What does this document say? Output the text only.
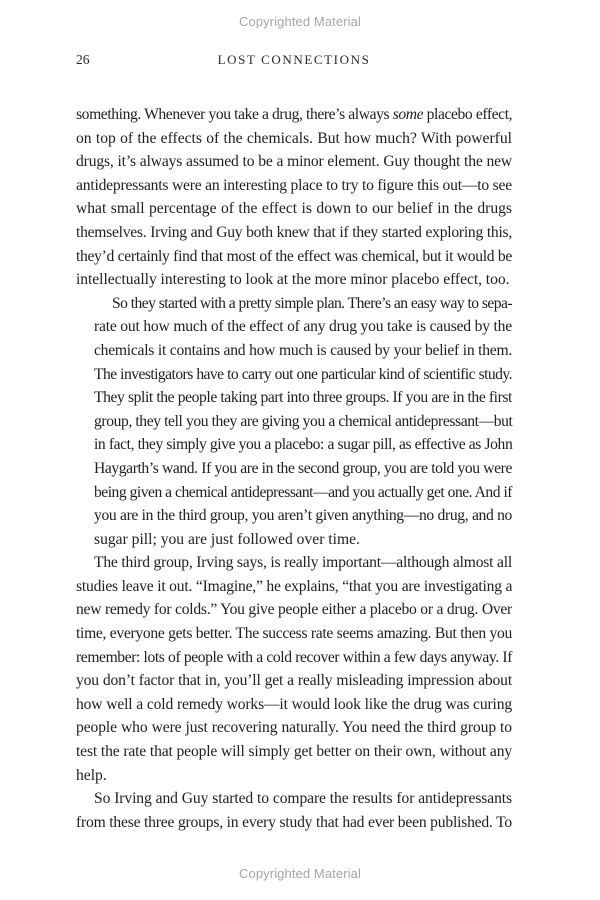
Copyrighted Material
26	LOST CONNECTIONS

something. Whenever you take a drug, there’s always some placebo effect,
on top of the effects of the chemicals. But how much? With powerful
drugs, it’s always assumed to be a minor element. Guy thought the new
antidepressants were an interesting place to try to figure this out—to see
what small percentage of the effect is down to our belief in the drugs
themselves. Irving and Guy both knew that if they started exploring this,
they’d certainly find that most of the effect was chemical, but it would be
intellectually interesting to look at the more minor placebo effect, too.

So they started with a pretty simple plan. There’s an easy way to sepa-
rate out how much of the effect of any drug you take is caused by the
chemicals it contains and how much is caused by your belief in them.
The investigators have to carry out one particular kind of scientific study.
They split the people taking part into three groups. If you are in the first
group, they tell you they are giving you a chemical antidepressant—but
in fact, they simply give you a placebo: a sugar pill, as effective as John
Haygarth’s wand. If you are in the second group, you are told you were
being given a chemical antidepressant—and you actually get one. And if
you are in the third group, you aren’t given anything—no drug, and no
sugar pill; you are just followed over time.

The third group, Irving says, is really important—although almost all
studies leave it out. “Imagine,” he explains, “that you are investigating a
new remedy for colds.” You give people either a placebo or a drug. Over
time, everyone gets better. The success rate seems amazing. But then you
remember: lots of people with a cold recover within a few days anyway. If
you don’t factor that in, you’ll get a really misleading impression about
how well a cold remedy works—it would look like the drug was curing
people who were just recovering naturally. You need the third group to
test the rate that people will simply get better on their own, without any
help.

So Irving and Guy started to compare the results for antidepressants
from these three groups, in every study that had ever been published. To

Copyrighted Material
